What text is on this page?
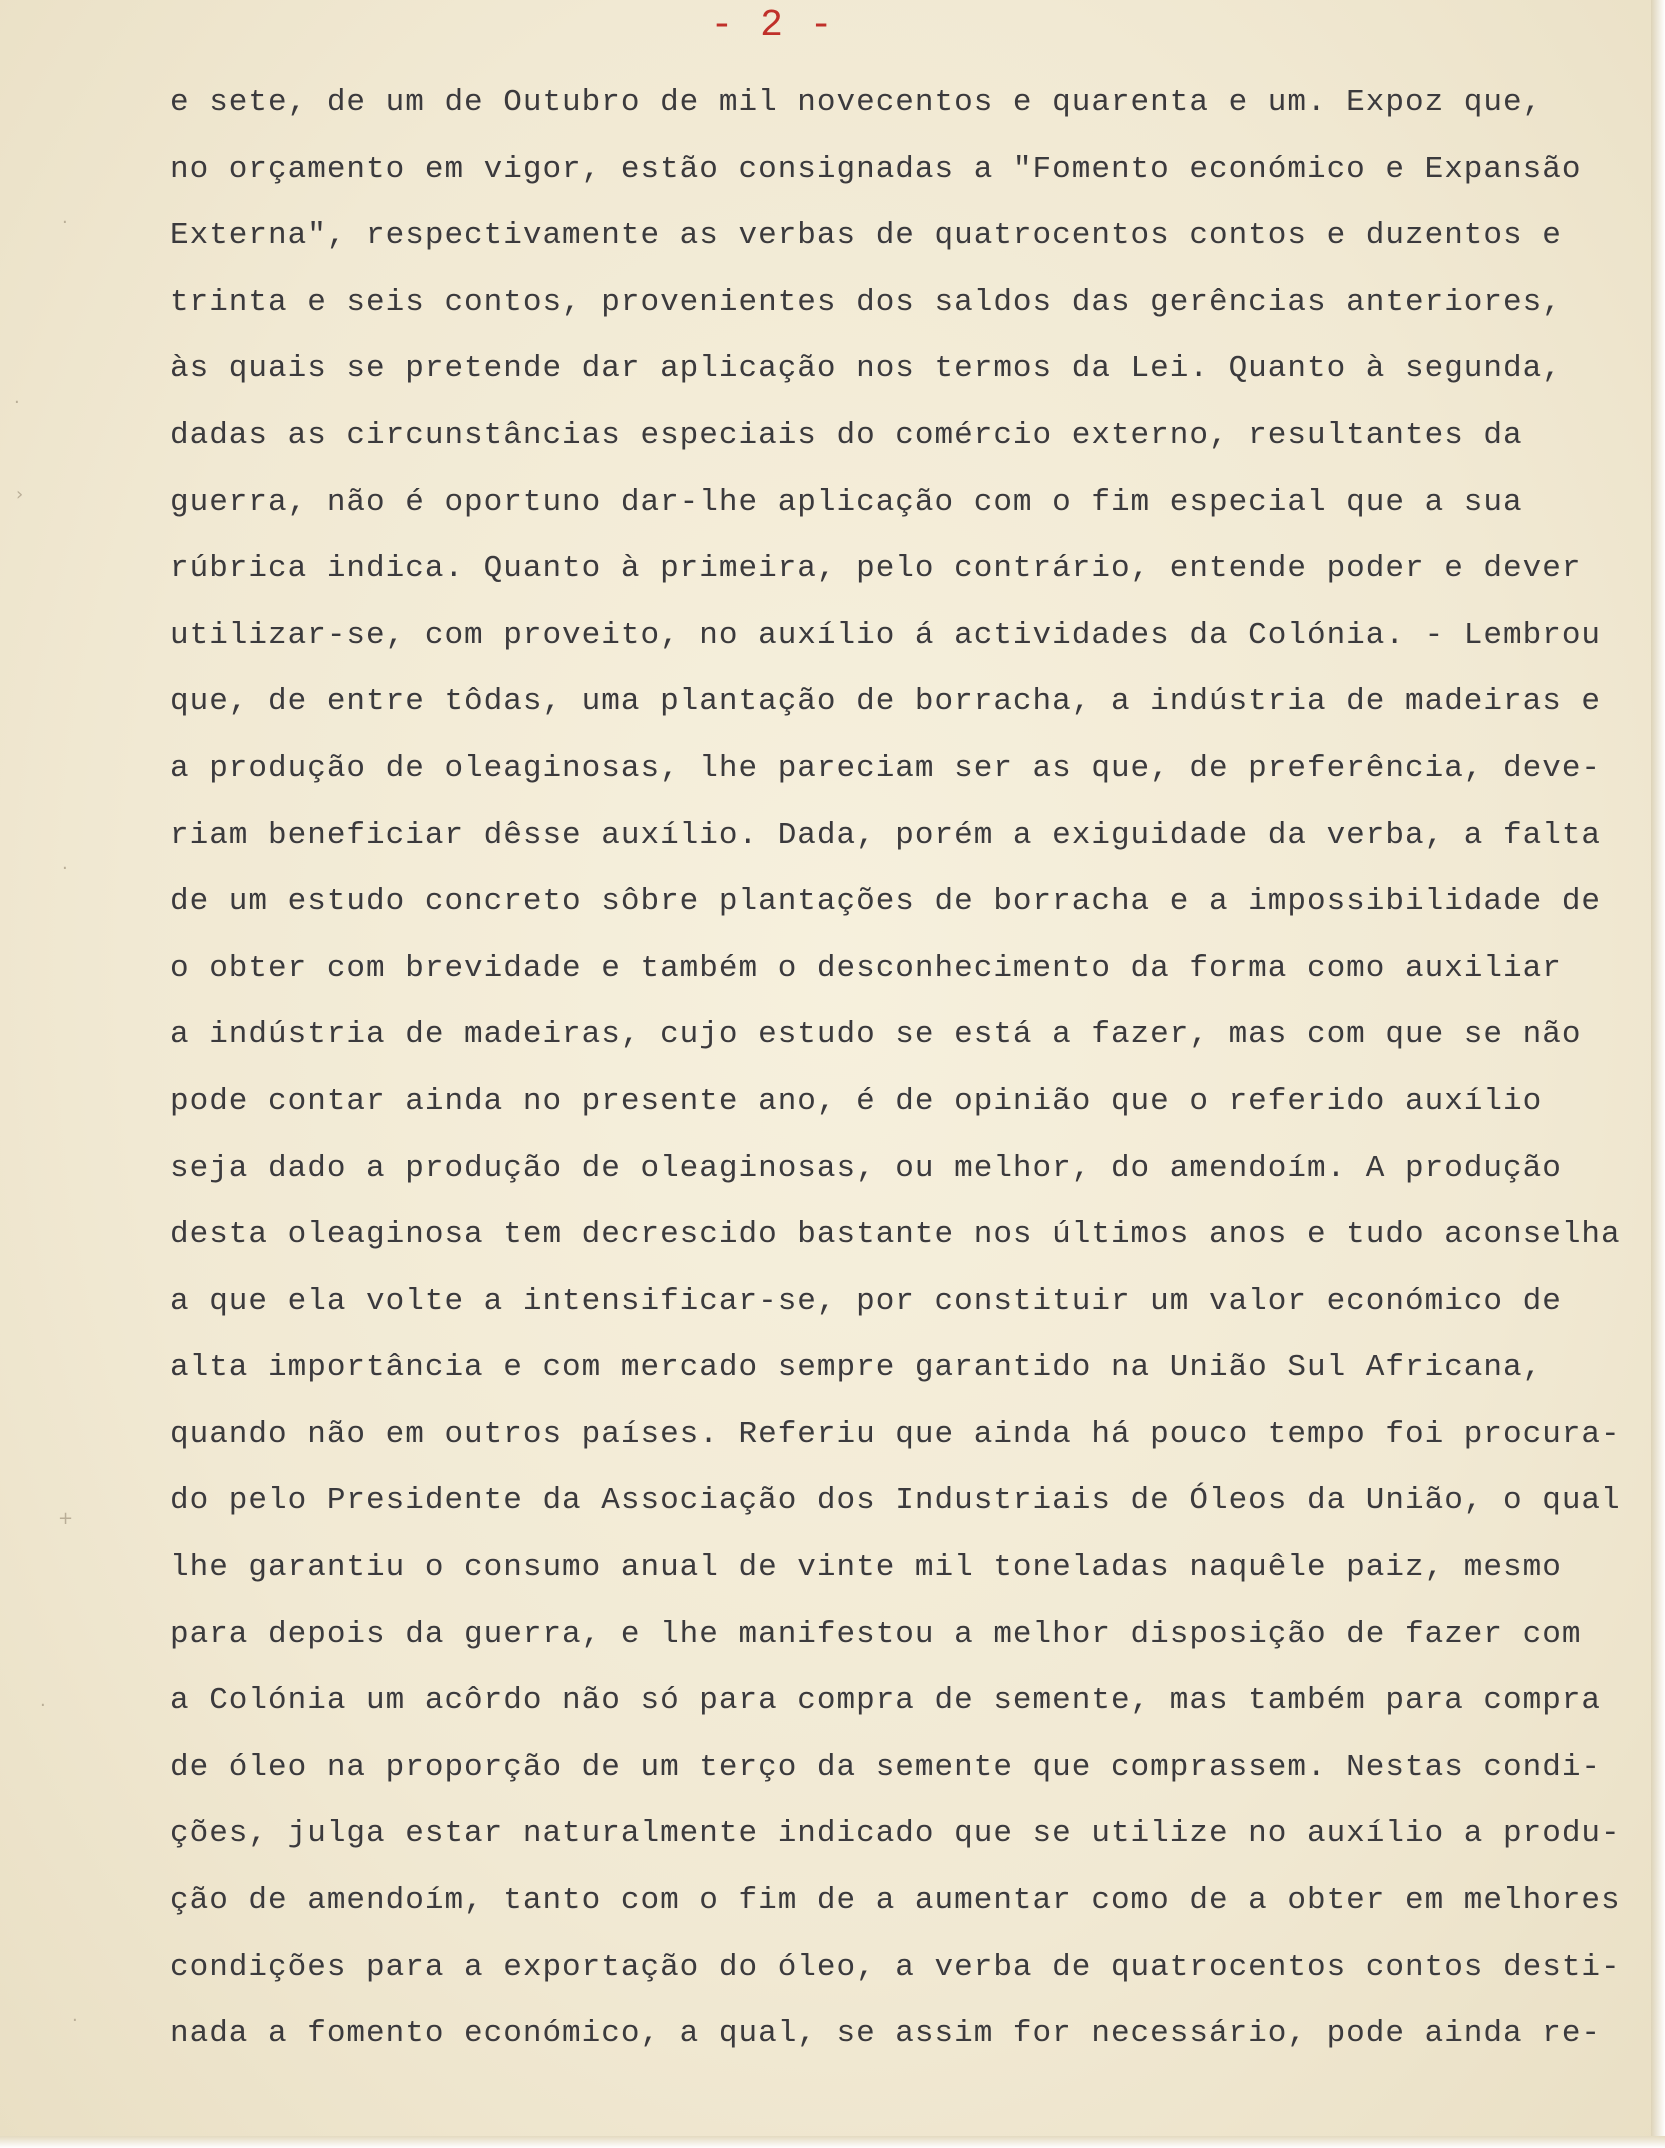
·
·
›
·
+
·
·
- 2 -
e sete, de um de Outubro de mil novecentos e quarenta e um. Expoz que,
no orçamento em vigor, estão consignadas a "Fomento económico e Expansão
Externa", respectivamente as verbas de quatrocentos contos e duzentos e
trinta e seis contos, provenientes dos saldos das gerências anteriores,
às quais se pretende dar aplicação nos termos da Lei. Quanto à segunda,
dadas as circunstâncias especiais do comércio externo, resultantes da
guerra, não é oportuno dar-lhe aplicação com o fim especial que a sua
rúbrica indica. Quanto à primeira, pelo contrário, entende poder e dever
utilizar-se, com proveito, no auxílio á actividades da Colónia. - Lembrou
que, de entre tôdas, uma plantação de borracha, a indústria de madeiras e
a produção de oleaginosas, lhe pareciam ser as que, de preferência, deve-
riam beneficiar dêsse auxílio. Dada, porém a exiguidade da verba, a falta
de um estudo concreto sôbre plantações de borracha e a impossibilidade de
o obter com brevidade e também o desconhecimento da forma como auxiliar
a indústria de madeiras, cujo estudo se está a fazer, mas com que se não
pode contar ainda no presente ano, é de opinião que o referido auxílio
seja dado a produção de oleaginosas, ou melhor, do amendoím. A produção
desta oleaginosa tem decrescido bastante nos últimos anos e tudo aconselha
a que ela volte a intensificar-se, por constituir um valor económico de
alta importância e com mercado sempre garantido na União Sul Africana,
quando não em outros países. Referiu que ainda há pouco tempo foi procura-
do pelo Presidente da Associação dos Industriais de Óleos da União, o qual
lhe garantiu o consumo anual de vinte mil toneladas naquêle paiz, mesmo
para depois da guerra, e lhe manifestou a melhor disposição de fazer com
a Colónia um acôrdo não só para compra de semente, mas também para compra
de óleo na proporção de um terço da semente que comprassem. Nestas condi-
ções, julga estar naturalmente indicado que se utilize no auxílio a produ-
ção de amendoím, tanto com o fim de a aumentar como de a obter em melhores
condições para a exportação do óleo, a verba de quatrocentos contos desti-
nada a fomento económico, a qual, se assim for necessário, pode ainda re-
